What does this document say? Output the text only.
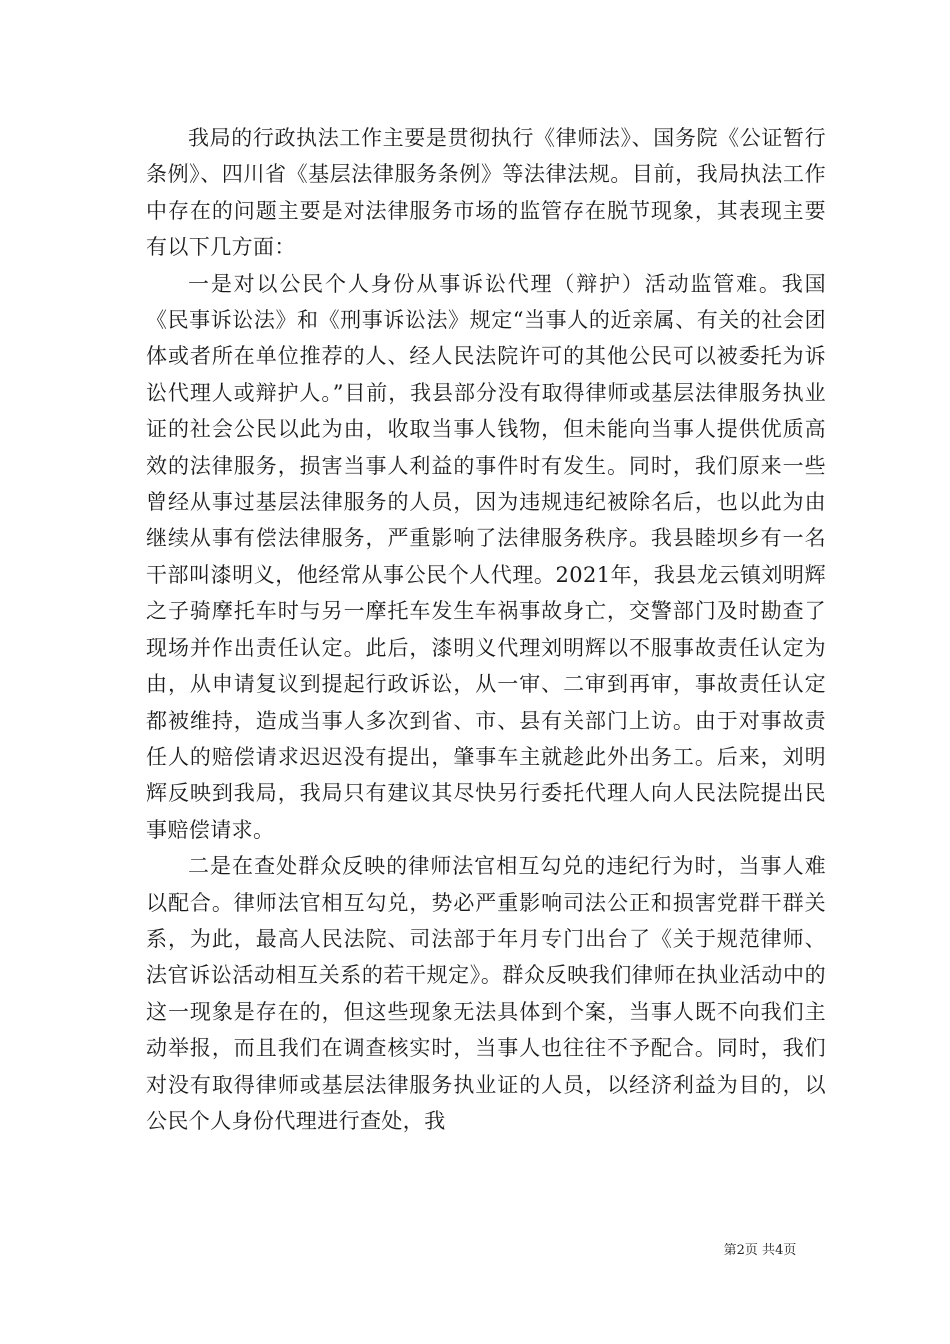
我局的行政执法工作主要是贯彻执行《律师法》、国务院《公证暂行条例》、四川省《基层法律服务条例》等法律法规。目前，我局执法工作中存在的问题主要是对法律服务市场的监管存在脱节现象，其表现主要有以下几方面：

一是对以公民个人身份从事诉讼代理（辩护）活动监管难。我国《民事诉讼法》和《刑事诉讼法》规定“当事人的近亲属、有关的社会团体或者所在单位推荐的人、经人民法院许可的其他公民可以被委托为诉讼代理人或辩护人。”目前，我县部分没有取得律师或基层法律服务执业证的社会公民以此为由，收取当事人钱物，但未能向当事人提供优质高效的法律服务，损害当事人利益的事件时有发生。同时，我们原来一些曾经从事过基层法律服务的人员，因为违规违纪被除名后，也以此为由继续从事有偿法律服务，严重影响了法律服务秩序。我县睦坝乡有一名干部叫漆明义，他经常从事公民个人代理。2021年，我县龙云镇刘明辉之子骑摩托车时与另一摩托车发生车祸事故身亡，交警部门及时勘查了现场并作出责任认定。此后，漆明义代理刘明辉以不服事故责任认定为由，从申请复议到提起行政诉讼，从一审、二审到再审，事故责任认定都被维持，造成当事人多次到省、市、县有关部门上访。由于对事故责任人的赔偿请求迟迟没有提出，肇事车主就趁此外出务工。后来，刘明辉反映到我局，我局只有建议其尽快另行委托代理人向人民法院提出民事赔偿请求。

二是在查处群众反映的律师法官相互勾兑的违纪行为时，当事人难以配合。律师法官相互勾兑，势必严重影响司法公正和损害党群干群关系，为此，最高人民法院、司法部于年月专门出台了《关于规范律师、法官诉讼活动相互关系的若干规定》。群众反映我们律师在执业活动中的这一现象是存在的，但这些现象无法具体到个案，当事人既不向我们主动举报，而且我们在调查核实时，当事人也往往不予配合。同时，我们对没有取得律师或基层法律服务执业证的人员，以经济利益为目的，以公民个人身份代理进行查处，我

第2页 共4页
